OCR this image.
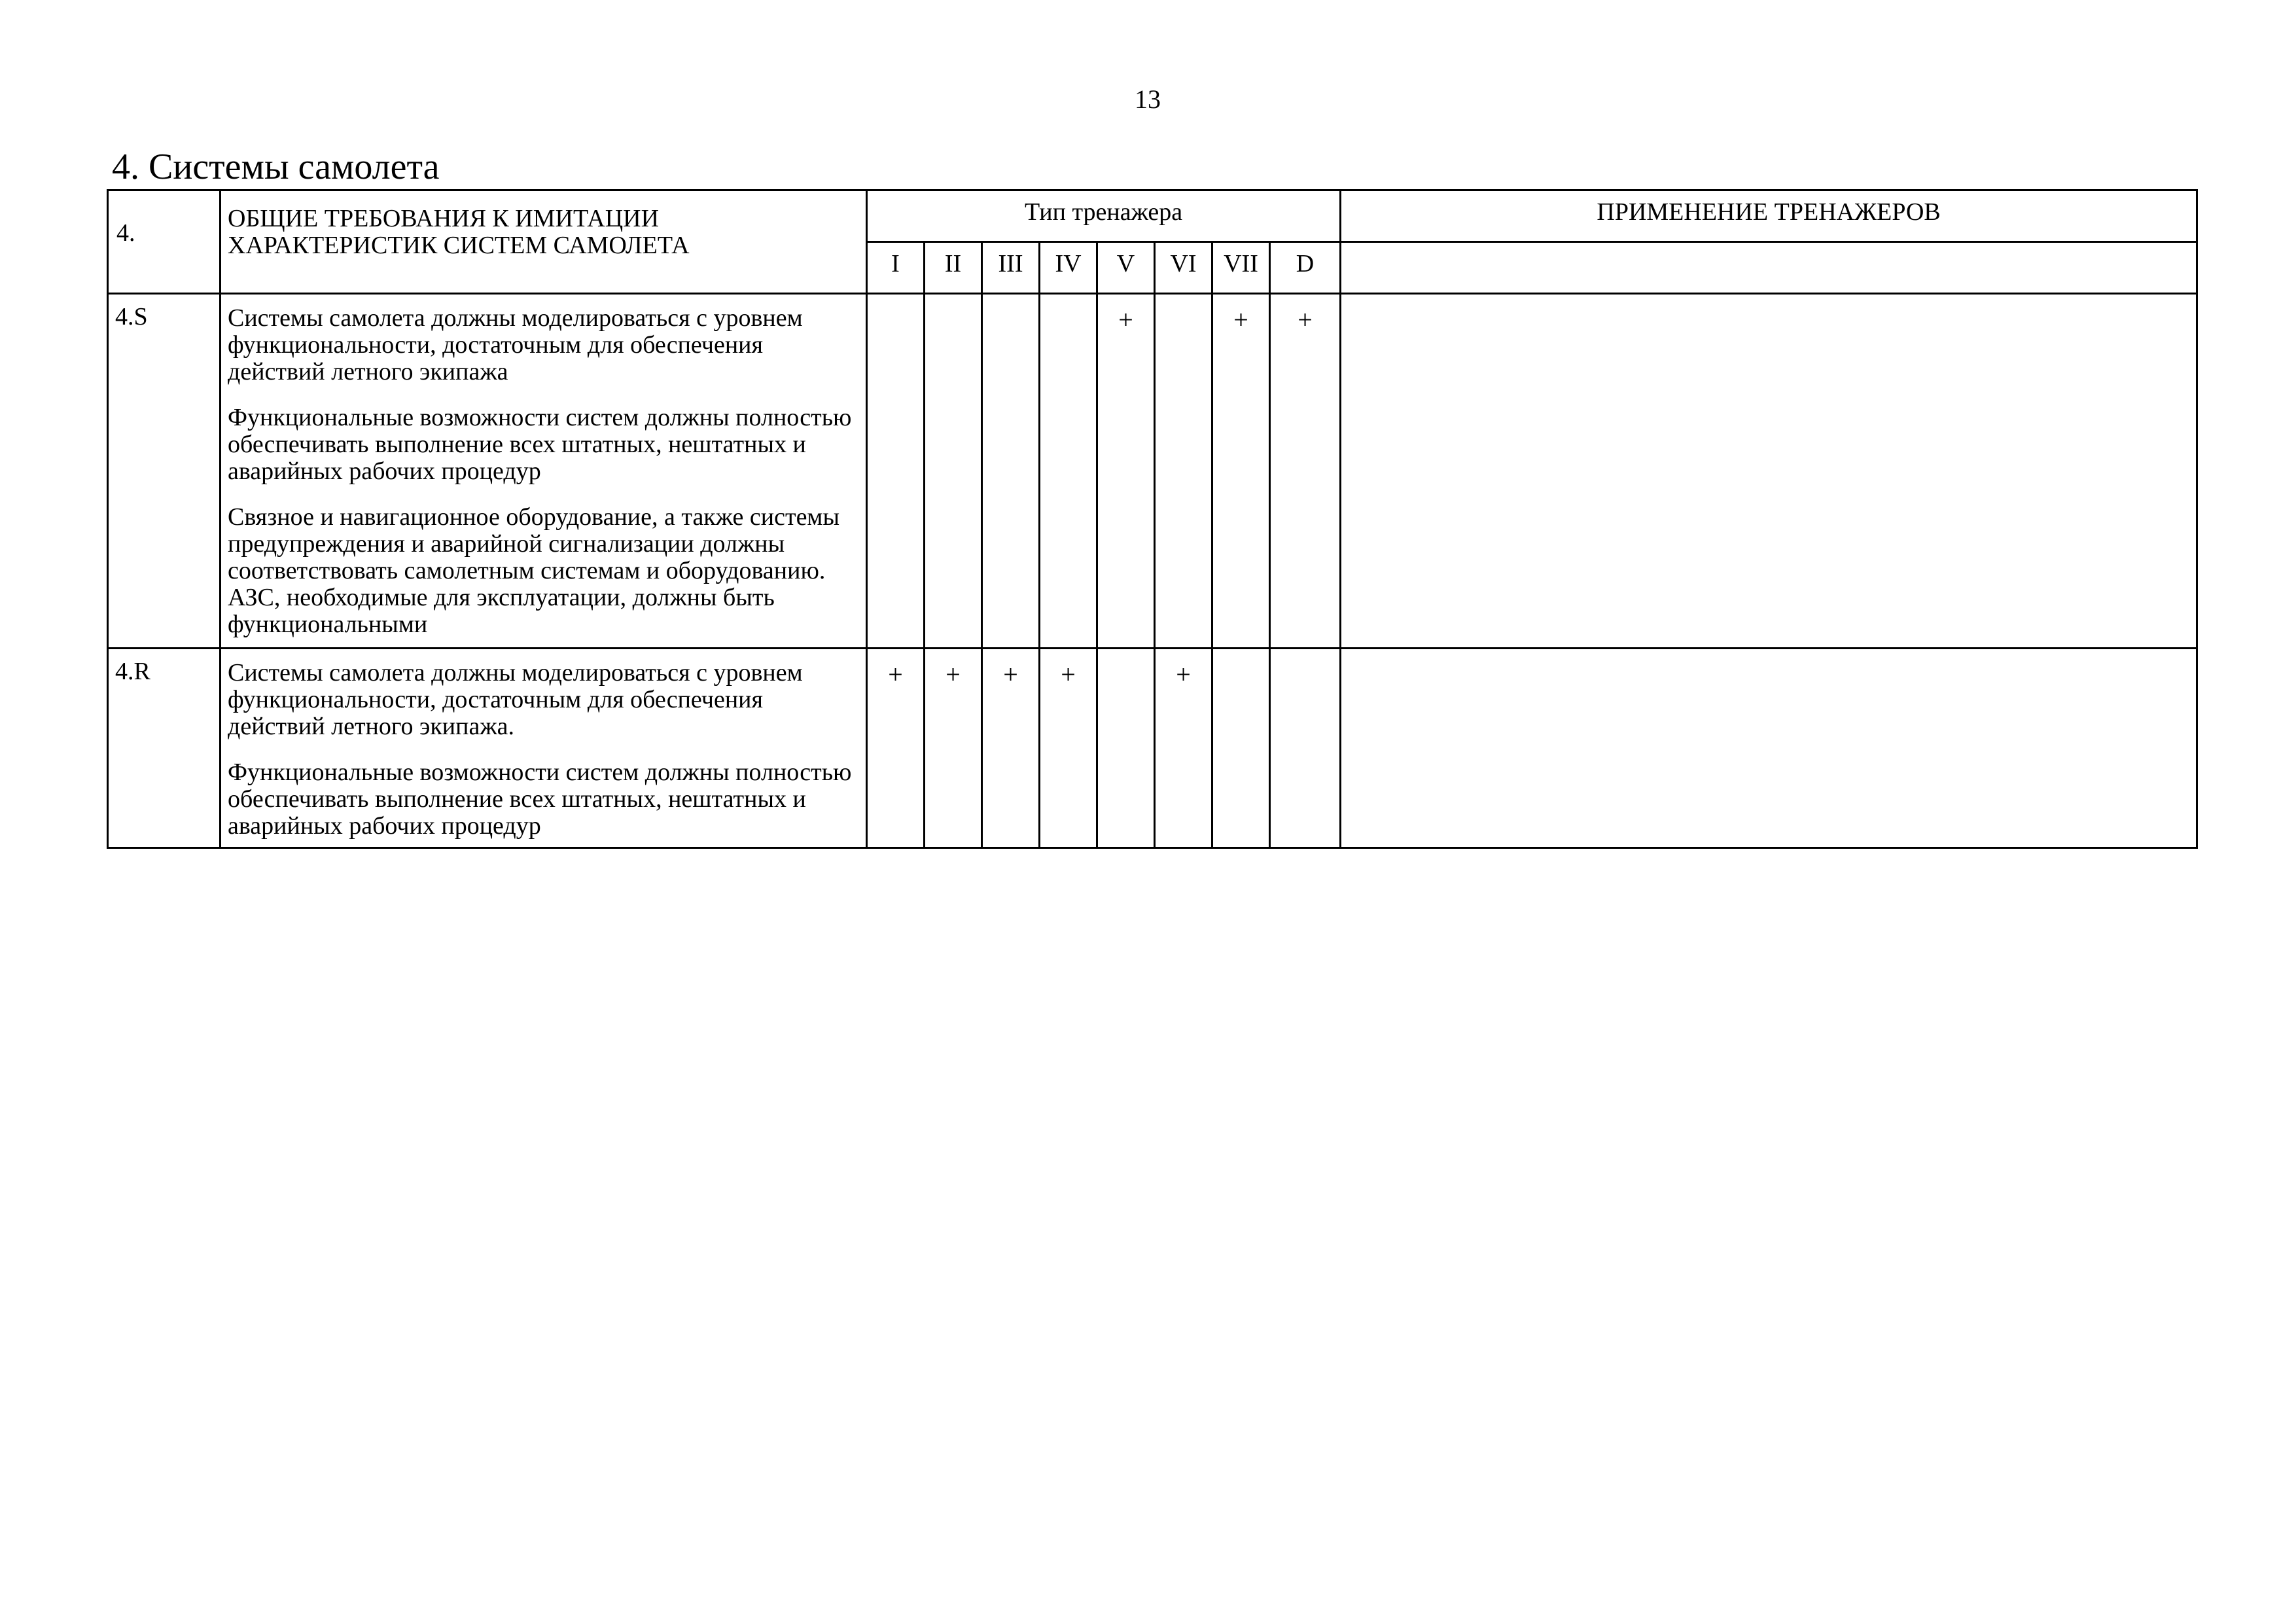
13
4. Системы самолета
4.	ОБЩИЕ ТРЕБОВАНИЯ К ИМИТАЦИИ ХАРАКТЕРИСТИК СИСТЕМ САМОЛЕТА	Тип тренажера								ПРИМЕНЕНИЕ ТРЕНАЖЕРОВ
		I	II	III	IV	V	VI	VII	D	
4.S	Системы самолета должны моделироваться с уровнем функциональности, достаточным для обеспечения действий летного экипажа

Функциональные возможности систем должны полностью обеспечивать выполнение всех штатных, нештатных и аварийных рабочих процедур

Связное и навигационное оборудование, а также системы предупреждения и аварийной сигнализации должны соответствовать самолетным системам и оборудованию. АЗС, необходимые для эксплуатации, должны быть функциональными					+		+	+	
4.R	Системы самолета должны моделироваться с уровнем функциональности, достаточным для обеспечения действий летного экипажа.

Функциональные возможности систем должны полностью обеспечивать выполнение всех штатных, нештатных и аварийных рабочих процедур	+	+	+	+		+			
